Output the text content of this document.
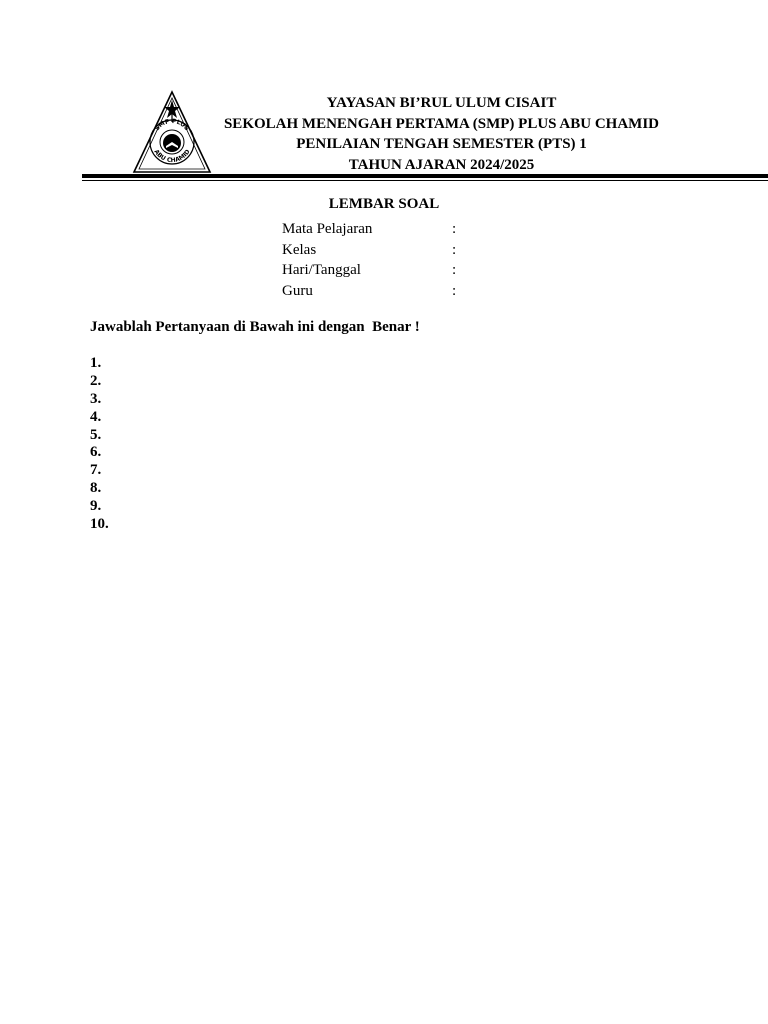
SMP PLUS
ABU CHAMID
YAYASAN BI’RUL ULUM CISAIT
SEKOLAH MENENGAH PERTAMA (SMP) PLUS ABU CHAMID
PENILAIAN TENGAH SEMESTER (PTS) 1
TAHUN AJARAN 2024/2025
LEMBAR SOAL
Mata Pelajaran	:
Kelas	:
Hari/Tanggal	:
Guru	:
Jawablah Pertanyaan di Bawah ini dengan  Benar !
1.
2.
3.
4.
5.
6.
7.
8.
9.
10.
